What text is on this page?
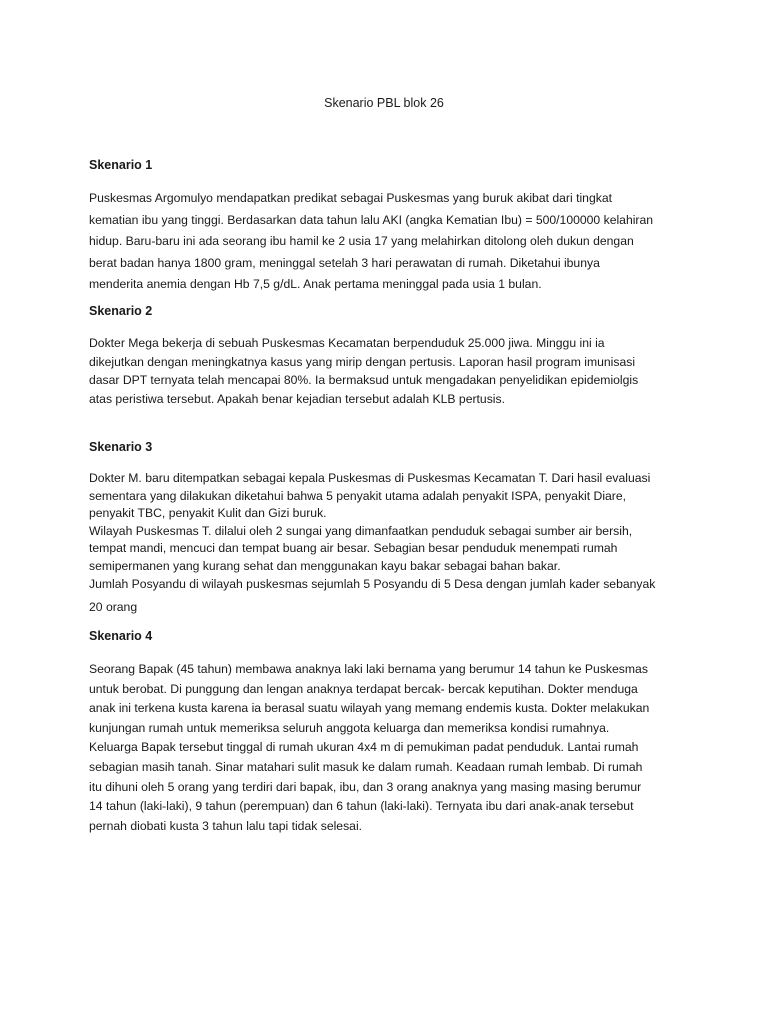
Skenario PBL blok 26
Skenario 1
Puskesmas Argomulyo mendapatkan predikat sebagai Puskesmas yang buruk akibat dari tingkat
kematian ibu yang tinggi. Berdasarkan data tahun lalu AKI (angka Kematian Ibu) = 500/100000 kelahiran
hidup. Baru-baru ini ada seorang ibu hamil ke 2 usia 17 yang melahirkan ditolong oleh dukun dengan
berat badan hanya 1800 gram, meninggal setelah 3 hari perawatan di rumah. Diketahui ibunya
menderita anemia dengan Hb 7,5 g/dL. Anak pertama meninggal pada usia 1 bulan.
Skenario 2
Dokter Mega bekerja di sebuah Puskesmas Kecamatan berpenduduk 25.000 jiwa. Minggu ini ia
dikejutkan dengan meningkatnya kasus yang mirip dengan pertusis. Laporan hasil program imunisasi
dasar DPT ternyata telah mencapai 80%. Ia bermaksud untuk mengadakan penyelidikan epidemiolgis
atas peristiwa tersebut. Apakah benar kejadian tersebut adalah KLB pertusis.
Skenario 3
Dokter M. baru ditempatkan sebagai kepala Puskesmas di Puskesmas Kecamatan T. Dari hasil evaluasi
sementara yang dilakukan diketahui bahwa 5 penyakit utama adalah penyakit ISPA, penyakit Diare,
penyakit TBC, penyakit Kulit dan Gizi buruk.
Wilayah Puskesmas T. dilalui oleh 2 sungai yang dimanfaatkan penduduk sebagai sumber air bersih,
tempat mandi, mencuci dan tempat buang air besar. Sebagian besar penduduk menempati rumah
semipermanen yang kurang sehat dan menggunakan kayu bakar sebagai bahan bakar.
Jumlah Posyandu di wilayah puskesmas sejumlah 5 Posyandu di 5 Desa dengan jumlah kader sebanyak
20 orang
Skenario 4
Seorang Bapak (45 tahun) membawa anaknya laki laki bernama yang berumur 14 tahun ke Puskesmas
untuk berobat. Di punggung dan lengan anaknya terdapat bercak- bercak keputihan. Dokter menduga
anak ini terkena kusta karena ia berasal suatu wilayah yang memang endemis kusta. Dokter melakukan
kunjungan rumah untuk memeriksa seluruh anggota keluarga dan memeriksa kondisi rumahnya.
Keluarga Bapak tersebut tinggal di rumah ukuran 4x4 m di pemukiman padat penduduk. Lantai rumah
sebagian masih tanah. Sinar matahari sulit masuk ke dalam rumah. Keadaan rumah lembab. Di rumah
itu dihuni oleh 5 orang yang terdiri dari bapak, ibu, dan 3 orang anaknya yang masing masing berumur
14 tahun (laki-laki), 9 tahun (perempuan) dan 6 tahun (laki-laki). Ternyata ibu dari anak-anak tersebut
pernah diobati kusta 3 tahun lalu tapi tidak selesai.
